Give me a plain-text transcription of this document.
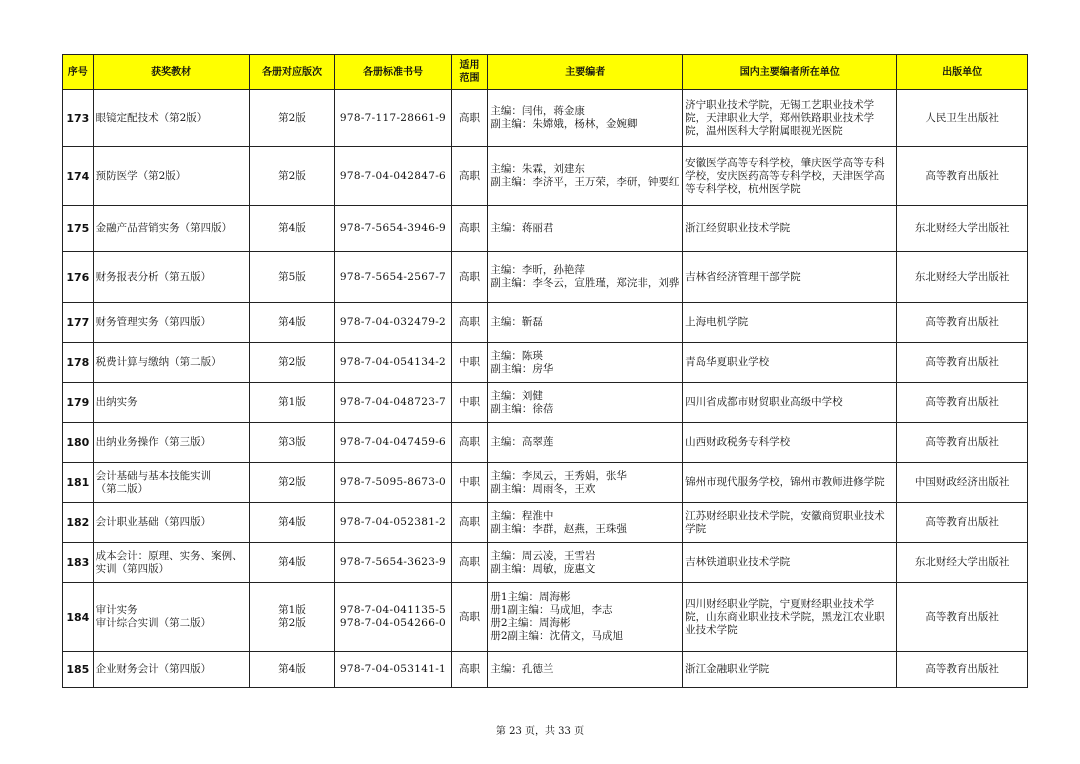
序号	获奖教材	各册对应版次	各册标准书号	适用
范围	主要编者	国内主要编者所在单位	出版单位
173	眼镜定配技术（第2版）	第2版	978-7-117-28661-9	高职	主编：闫伟，蒋金康
副主编：朱嫦娥，杨林，金婉卿	济宁职业技术学院，无锡工艺职业技术学院，天津职业大学，郑州铁路职业技术学院，温州医科大学附属眼视光医院	人民卫生出版社
174	预防医学（第2版）	第2版	978-7-04-042847-6	高职	主编：朱霖，刘建东
副主编：李济平，王万荣，李研，钟要红	安徽医学高等专科学校，肇庆医学高等专科学校，安庆医药高等专科学校，天津医学高等专科学校，杭州医学院	高等教育出版社
175	金融产品营销实务（第四版）	第4版	978-7-5654-3946-9	高职	主编：蒋丽君	浙江经贸职业技术学院	东北财经大学出版社
176	财务报表分析（第五版）	第5版	978-7-5654-2567-7	高职	主编：李昕，孙艳萍
副主编：李冬云，宣胜瑾，郑浣非，刘骅	吉林省经济管理干部学院	东北财经大学出版社
177	财务管理实务（第四版）	第4版	978-7-04-032479-2	高职	主编：靳磊	上海电机学院	高等教育出版社
178	税费计算与缴纳（第二版）	第2版	978-7-04-054134-2	中职	主编：陈瑛
副主编：房华	青岛华夏职业学校	高等教育出版社
179	出纳实务	第1版	978-7-04-048723-7	中职	主编：刘健
副主编：徐蓓	四川省成都市财贸职业高级中学校	高等教育出版社
180	出纳业务操作（第三版）	第3版	978-7-04-047459-6	高职	主编：高翠莲	山西财政税务专科学校	高等教育出版社
181	会计基础与基本技能实训
（第二版）	第2版	978-7-5095-8673-0	中职	主编：李凤云，王秀娟，张华
副主编：周雨冬，王欢	锦州市现代服务学校，锦州市教师进修学院	中国财政经济出版社
182	会计职业基础（第四版）	第4版	978-7-04-052381-2	高职	主编：程淮中
副主编：李群，赵燕，王珠强	江苏财经职业技术学院，安徽商贸职业技术学院	高等教育出版社
183	成本会计：原理、实务、案例、实训（第四版）	第4版	978-7-5654-3623-9	高职	主编：周云凌，王雪岩
副主编：周敏，庞惠文	吉林铁道职业技术学院	东北财经大学出版社
184	审计实务
审计综合实训（第二版）	第1版
第2版	978-7-04-041135-5
978-7-04-054266-0	高职	册1主编：周海彬
册1副主编：马成旭，李志
册2主编：周海彬
册2副主编：沈倩文，马成旭	四川财经职业学院，宁夏财经职业技术学院，山东商业职业技术学院，黑龙江农业职业技术学院	高等教育出版社
185	企业财务会计（第四版）	第4版	978-7-04-053141-1	高职	主编：孔德兰	浙江金融职业学院	高等教育出版社
第 23 页，共 33 页
